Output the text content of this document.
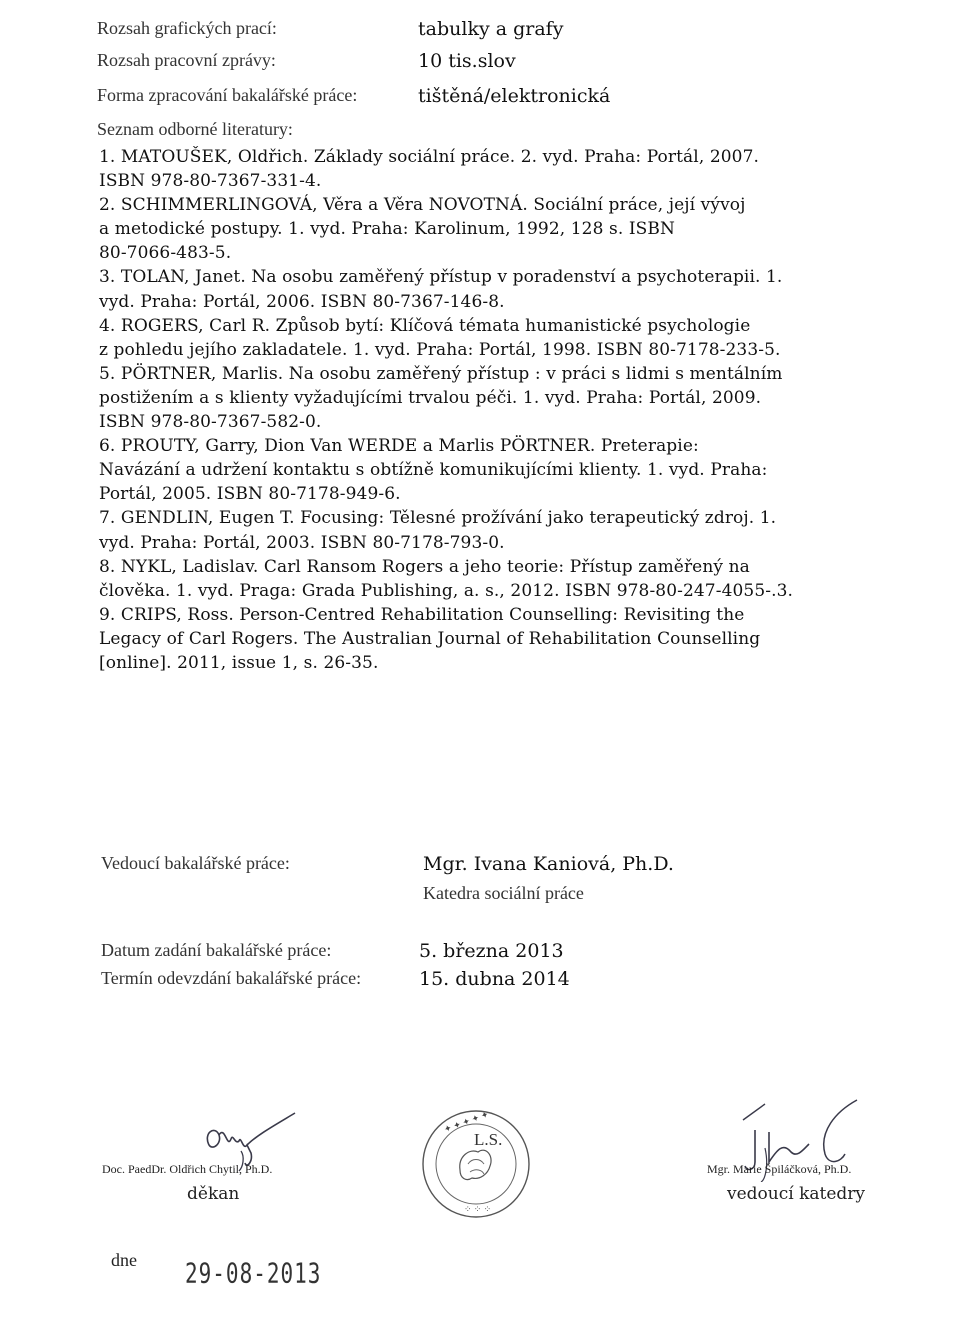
Rozsah grafických prací:	tabulky a grafy
Rozsah pracovní zprávy:	10 tis.slov
Forma zpracování bakalářské práce:	tištěná/elektronická
Seznam odborné literatury:
1. MATOUŠEK, Oldřich. Základy sociální práce. 2. vyd. Praha: Portál, 2007.
ISBN 978-80-7367-331-4.
2. SCHIMMERLINGOVÁ, Věra a Věra NOVOTNÁ. Sociální práce, její vývoj
a metodické postupy. 1. vyd. Praha: Karolinum, 1992, 128 s. ISBN
80-7066-483-5.
3. TOLAN, Janet. Na osobu zaměřený přístup v poradenství a psychoterapii. 1.
vyd. Praha: Portál, 2006. ISBN 80-7367-146-8.
4. ROGERS, Carl R. Způsob bytí: Klíčová témata humanistické psychologie
z pohledu jejího zakladatele. 1. vyd. Praha: Portál, 1998. ISBN 80-7178-233-5.
5. PÖRTNER, Marlis. Na osobu zaměřený přístup : v práci s lidmi s mentálním
postižením a s klienty vyžadujícími trvalou péči. 1. vyd. Praha: Portál, 2009.
ISBN 978-80-7367-582-0.
6. PROUTY, Garry, Dion Van WERDE a Marlis PÖRTNER. Preterapie:
Navázání a udržení kontaktu s obtížně komunikujícími klienty. 1. vyd. Praha:
Portál, 2005. ISBN 80-7178-949-6.
7. GENDLIN, Eugen T. Focusing: Tělesné prožívání jako terapeutický zdroj. 1.
vyd. Praha: Portál, 2003. ISBN 80-7178-793-0.
8. NYKL, Ladislav. Carl Ransom Rogers a jeho teorie: Přístup zaměřený na
člověka. 1. vyd. Praga: Grada Publishing, a. s., 2012. ISBN 978-80-247-4055-.3.
9. CRIPS, Ross. Person-Centred Rehabilitation Counselling: Revisiting the
Legacy of Carl Rogers. The Australian Journal of Rehabilitation Counselling
[online]. 2011, issue 1, s. 26-35.
Vedoucí bakalářské práce:	Mgr. Ivana Kaniová, Ph.D.
Katedra sociální práce
Datum zadání bakalářské práce:	5. března 2013
Termín odevzdání bakalářské práce:	15. dubna 2014
Doc. PaedDr. Oldřich Chytil, Ph.D.
děkan
✦ ✦ ✦ ✦ ✦
⁘ ⁘ ⁘
L.S.
Mgr. Marie Špiláčková, Ph.D.
vedoucí katedry
dne 29-08-2013
